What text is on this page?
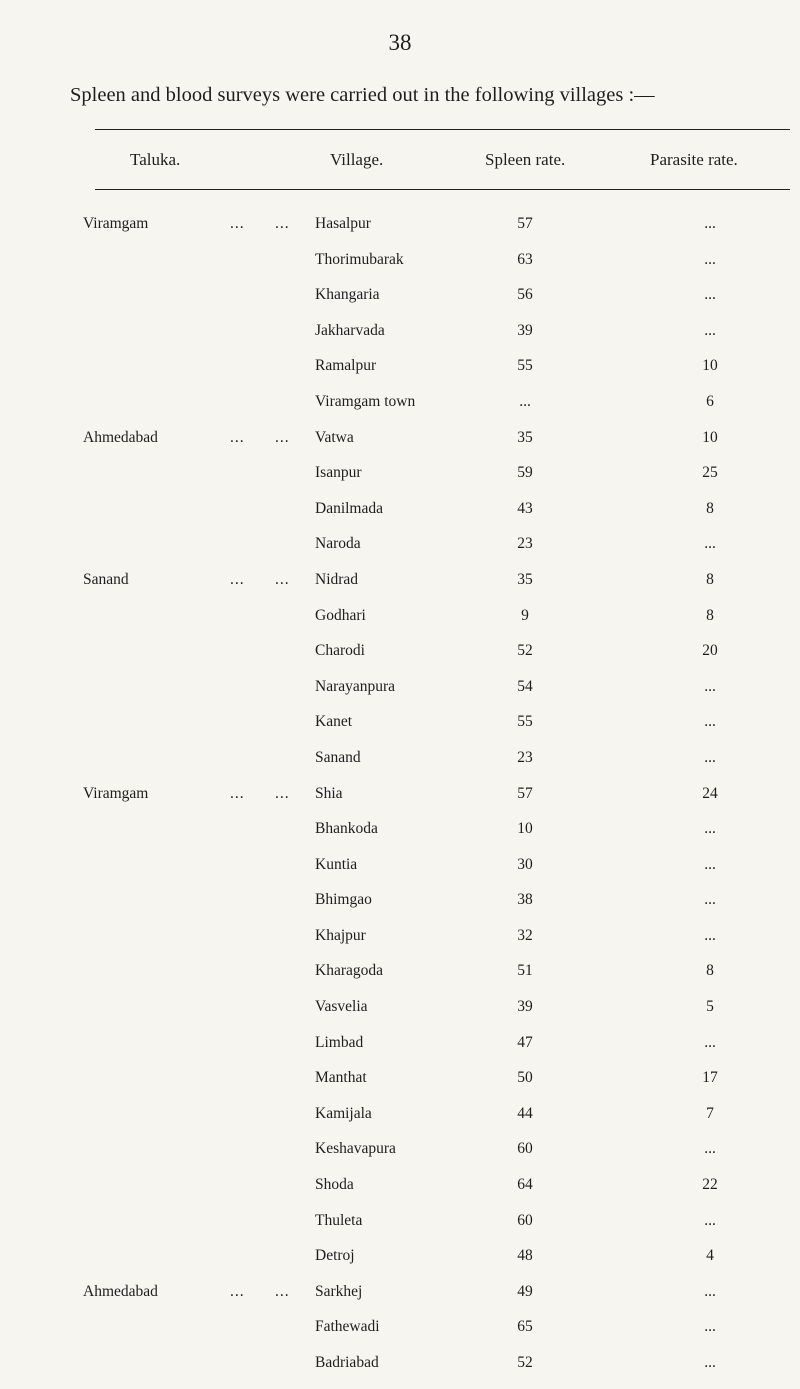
38
Spleen and blood surveys were carried out in the following villages :—
Taluka.	Village.	Spleen rate.	Parasite rate.
Viramgam	... ... Hasalpur	57	...
Thorimubarak	63	...
Khangaria	56	...
Jakharvada	39	...
Ramalpur	55	10
Viramgam town	...	6
Ahmedabad	... ... Vatwa	35	10
Isanpur	59	25
Danilmada	43	8
Naroda	23	...
Sanand	... ... Nidrad	35	8
Godhari	9	8
Charodi	52	20
Narayanpura	54	...
Kanet	55	...
Sanand	23	...
Viramgam	... ... Shia	57	24
Bhankoda	10	...
Kuntia	30	...
Bhimgao	38	...
Khajpur	32	...
Kharagoda	51	8
Vasvelia	39	5
Limbad	47	...
Manthat	50	17
Kamijala	44	7
Keshavapura	60	...
Shoda	64	22
Thuleta	60	...
Detroj	48	4
Ahmedabad	... ... Sarkhej	49	...
Fathewadi	65	...
Badriabad	52	...
